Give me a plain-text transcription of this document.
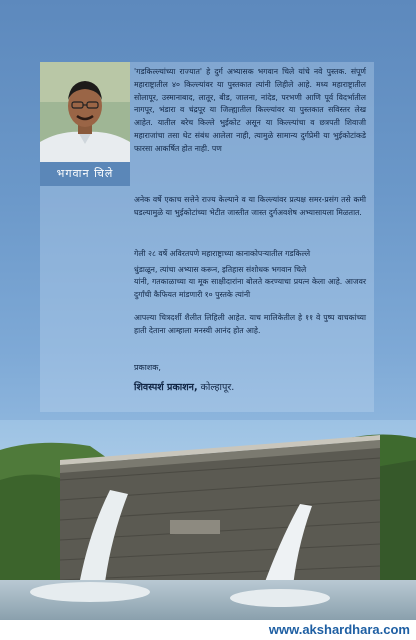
भगवान चिले

'गडकिल्ल्यांच्या राज्यात' हे दुर्ग अभ्यासक भगवान चिले यांचे नवे पुस्तक. संपूर्ण महाराष्ट्रातील ४० किल्ल्यांवर या पुस्तकात त्यांनी लिहीले आहे. मध्य महाराष्ट्रातील सोलापूर, उस्मानाबाद, लातूर, बीड, जालना, नांदेड, परभणी आणि पूर्व विदर्भातील नागपूर, भंडारा व चंद्रपूर या जिल्ह्यातील किल्ल्यांवर या पुस्तकात सविस्तर लेख आहेत. यातील बरेच किल्ले भुईकोट असून या किल्ल्यांचा व छत्रपती शिवाजी महाराजांचा तसा थेट संबंध आलेला नाही, त्यामुळे सामान्य दुर्गप्रेमी या भुईकोटांकडे फारसा आकर्षित होत नाही. पण

अनेक वर्षे एकाच सत्तेने राज्य केल्याने व या किल्ल्यांवर प्रत्यक्ष समर-प्रसंग तसे कमी घडल्यामुळे या भुईकोटांच्या भेटीत जास्तीत जास्त दुर्गअवशेष अभ्यासायला मिळतात.

गेली २८ वर्षे अविरतपणे महाराष्ट्राच्या कानाकोपऱ्यातील गडकिल्ले

धुंडाळून, त्यांचा अभ्यास करून, इतिहास संशोधक भगवान चिले

यांनी, गतकाळाच्या या मूक साक्षीदारांना बोलते करण्याचा प्रयत्न केला आहे. आजवर दुर्गांची कैफियत मांडणारी १० पुस्तके त्यांनी

आपल्या चित्रदर्शी शैलीत लिहिली आहेत. याच मालिकेतील हे ११ वे पुष्प वाचकांच्या हाती देताना आम्हाला मनस्वी आनंद होत आहे.

प्रकाशक,
शिवस्पर्श प्रकाशन, कोल्हापूर.
www.akshardhara.com
